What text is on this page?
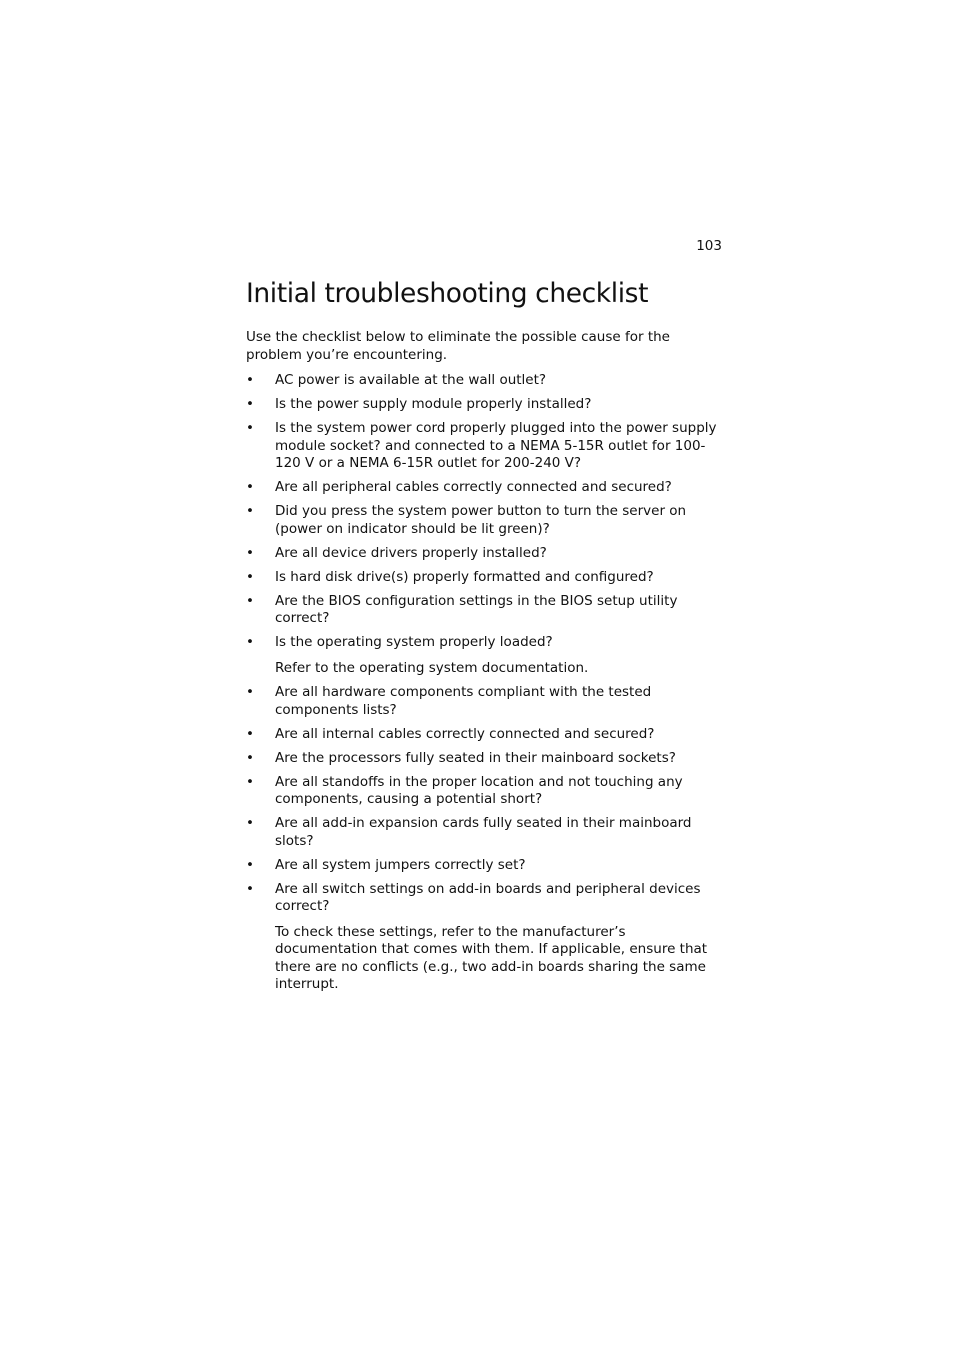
103
Initial troubleshooting checklist

Use the checklist below to eliminate the possible cause for the problem you’re encountering.

• AC power is available at the wall outlet?
• Is the power supply module properly installed?
• Is the system power cord properly plugged into the power supply module socket? and connected to a NEMA 5-15R outlet for 100-120 V or a NEMA 6-15R outlet for 200-240 V?
• Are all peripheral cables correctly connected and secured?
• Did you press the system power button to turn the server on (power on indicator should be lit green)?
• Are all device drivers properly installed?
• Is hard disk drive(s) properly formatted and configured?
• Are the BIOS configuration settings in the BIOS setup utility correct?
• Is the operating system properly loaded?
Refer to the operating system documentation.
• Are all hardware components compliant with the tested components lists?
• Are all internal cables correctly connected and secured?
• Are the processors fully seated in their mainboard sockets?
• Are all standoffs in the proper location and not touching any components, causing a potential short?
• Are all add-in expansion cards fully seated in their mainboard slots?
• Are all system jumpers correctly set?
• Are all switch settings on add-in boards and peripheral devices correct?
To check these settings, refer to the manufacturer’s documentation that comes with them. If applicable, ensure that there are no conflicts (e.g., two add-in boards sharing the same interrupt.
